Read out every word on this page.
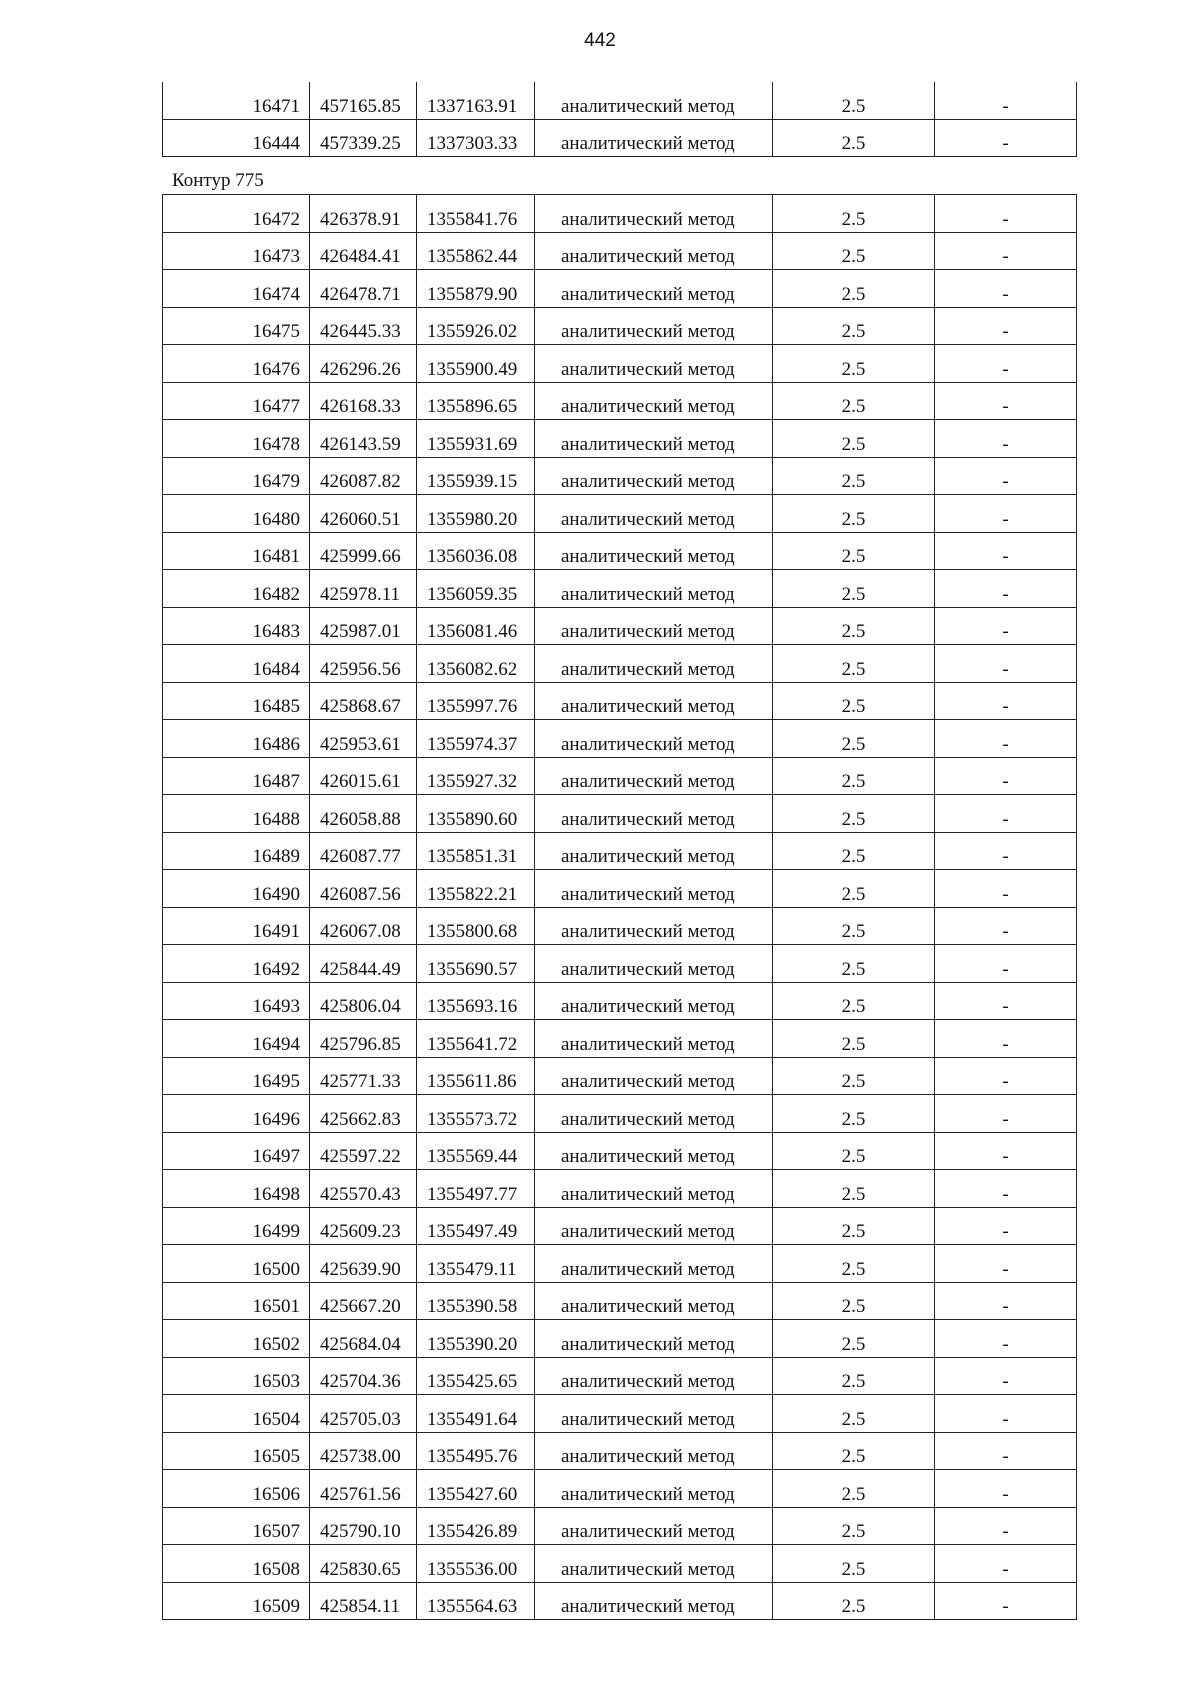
442
16471	457165.85	1337163.91	аналитический метод	2.5	-

16444	457339.25	1337303.33	аналитический метод	2.5	-
Контур 775
16472	426378.91	1355841.76	аналитический метод	2.5	-

16473	426484.41	1355862.44	аналитический метод	2.5	-

16474	426478.71	1355879.90	аналитический метод	2.5	-

16475	426445.33	1355926.02	аналитический метод	2.5	-

16476	426296.26	1355900.49	аналитический метод	2.5	-

16477	426168.33	1355896.65	аналитический метод	2.5	-

16478	426143.59	1355931.69	аналитический метод	2.5	-

16479	426087.82	1355939.15	аналитический метод	2.5	-

16480	426060.51	1355980.20	аналитический метод	2.5	-

16481	425999.66	1356036.08	аналитический метод	2.5	-

16482	425978.11	1356059.35	аналитический метод	2.5	-

16483	425987.01	1356081.46	аналитический метод	2.5	-

16484	425956.56	1356082.62	аналитический метод	2.5	-

16485	425868.67	1355997.76	аналитический метод	2.5	-

16486	425953.61	1355974.37	аналитический метод	2.5	-

16487	426015.61	1355927.32	аналитический метод	2.5	-

16488	426058.88	1355890.60	аналитический метод	2.5	-

16489	426087.77	1355851.31	аналитический метод	2.5	-

16490	426087.56	1355822.21	аналитический метод	2.5	-

16491	426067.08	1355800.68	аналитический метод	2.5	-

16492	425844.49	1355690.57	аналитический метод	2.5	-

16493	425806.04	1355693.16	аналитический метод	2.5	-

16494	425796.85	1355641.72	аналитический метод	2.5	-

16495	425771.33	1355611.86	аналитический метод	2.5	-

16496	425662.83	1355573.72	аналитический метод	2.5	-

16497	425597.22	1355569.44	аналитический метод	2.5	-

16498	425570.43	1355497.77	аналитический метод	2.5	-

16499	425609.23	1355497.49	аналитический метод	2.5	-

16500	425639.90	1355479.11	аналитический метод	2.5	-

16501	425667.20	1355390.58	аналитический метод	2.5	-

16502	425684.04	1355390.20	аналитический метод	2.5	-

16503	425704.36	1355425.65	аналитический метод	2.5	-

16504	425705.03	1355491.64	аналитический метод	2.5	-

16505	425738.00	1355495.76	аналитический метод	2.5	-

16506	425761.56	1355427.60	аналитический метод	2.5	-

16507	425790.10	1355426.89	аналитический метод	2.5	-

16508	425830.65	1355536.00	аналитический метод	2.5	-

16509	425854.11	1355564.63	аналитический метод	2.5	-
